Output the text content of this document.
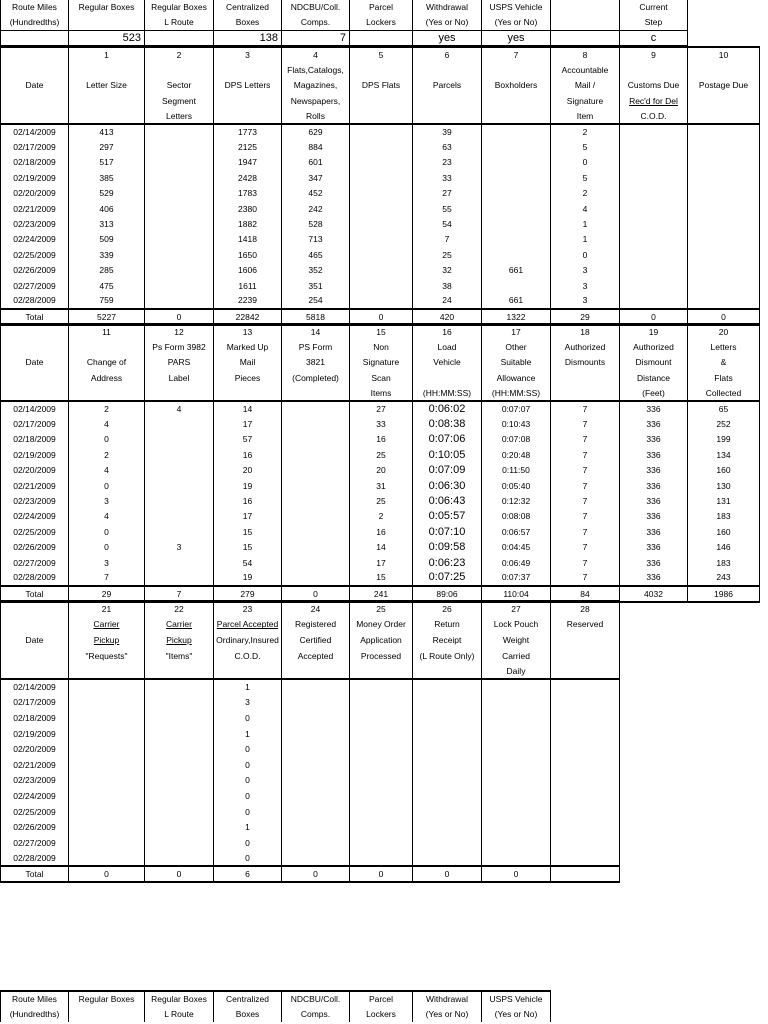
Route Miles	Regular Boxes	Regular Boxes	Centralized	NDCBU/Coll.	Parcel	Withdrawal	USPS Vehicle		Current	
(Hundredths)		L Route	Boxes	Comps.	Lockers	(Yes or No)	(Yes or No)		Step	
	523		138	7		yes	yes		c	
	1	2	3	4	5	6	7	8	9	10
				Flats,Catalogs,				Accountable		
Date	Letter Size	Sector	DPS Letters	Magazines,	DPS Flats	Parcels	Boxholders	Mail /	Customs Due	Postage Due
		Segment		Newspapers,				Signature	Rec'd for Del	
		Letters		Rolls				Item	C.O.D.	
02/14/2009	413		1773	629		39		2		
02/17/2009	297		2125	884		63		5		
02/18/2009	517		1947	601		23		0		
02/19/2009	385		2428	347		33		5		
02/20/2009	529		1783	452		27		2		
02/21/2009	406		2380	242		55		4		
02/23/2009	313		1882	528		54		1		
02/24/2009	509		1418	713		7		1		
02/25/2009	339		1650	465		25		0		
02/26/2009	285		1606	352		32	661	3		
02/27/2009	475		1611	351		38		3		
02/28/2009	759		2239	254		24	661	3		
Total	5227	0	22842	5818	0	420	1322	29	0	0
	11	12	13	14	15	16	17	18	19	20
		Ps Form 3982	Marked Up	PS Form	Non	Load	Other	Authorized	Authorized	Letters
Date	Change of	PARS	Mail	3821	Signature	Vehicle	Suitable	Dismounts	Dismount	&
	Address	Label	Pieces	(Completed)	Scan		Allowance		Distance	Flats
					Items	(HH:MM:SS)	(HH:MM:SS)		(Feet)	Collected
02/14/2009	2	4	14		27	0:06:02	0:07:07	7	336	65
02/17/2009	4		17		33	0:08:38	0:10:43	7	336	252
02/18/2009	0		57		16	0:07:06	0:07:08	7	336	199
02/19/2009	2		16		25	0:10:05	0:20:48	7	336	134
02/20/2009	4		20		20	0:07:09	0:11:50	7	336	160
02/21/2009	0		19		31	0:06:30	0:05:40	7	336	130
02/23/2009	3		16		25	0:06:43	0:12:32	7	336	131
02/24/2009	4		17		2	0:05:57	0:08:08	7	336	183
02/25/2009	0		15		16	0:07:10	0:06:57	7	336	160
02/26/2009	0	3	15		14	0:09:58	0:04:45	7	336	146
02/27/2009	3		54		17	0:06:23	0:06:49	7	336	183
02/28/2009	7		19		15	0:07:25	0:07:37	7	336	243
Total	29	7	279	0	241	89:06	110:04	84	4032	1986
	21	22	23	24	25	26	27	28
	Carrier	Carrier	Parcel Accepted	Registered	Money Order	Return	Lock Pouch	Reserved
Date	Pickup	Pickup	Ordinary,Insured	Certified	Application	Receipt	Weight	
	"Requests"	"Items"	C.O.D.	Accepted	Processed	(L Route Only)	Carried	
							Daily	
02/14/2009			1					
02/17/2009			3					
02/18/2009			0					
02/19/2009			1					
02/20/2009			0					
02/21/2009			0					
02/23/2009			0					
02/24/2009			0					
02/25/2009			0					
02/26/2009			1					
02/27/2009			0					
02/28/2009			0					
Total	0	0	6	0	0	0	0	
Route Miles	Regular Boxes	Regular Boxes	Centralized	NDCBU/Coll.	Parcel	Withdrawal	USPS Vehicle
(Hundredths)		L Route	Boxes	Comps.	Lockers	(Yes or No)	(Yes or No)
